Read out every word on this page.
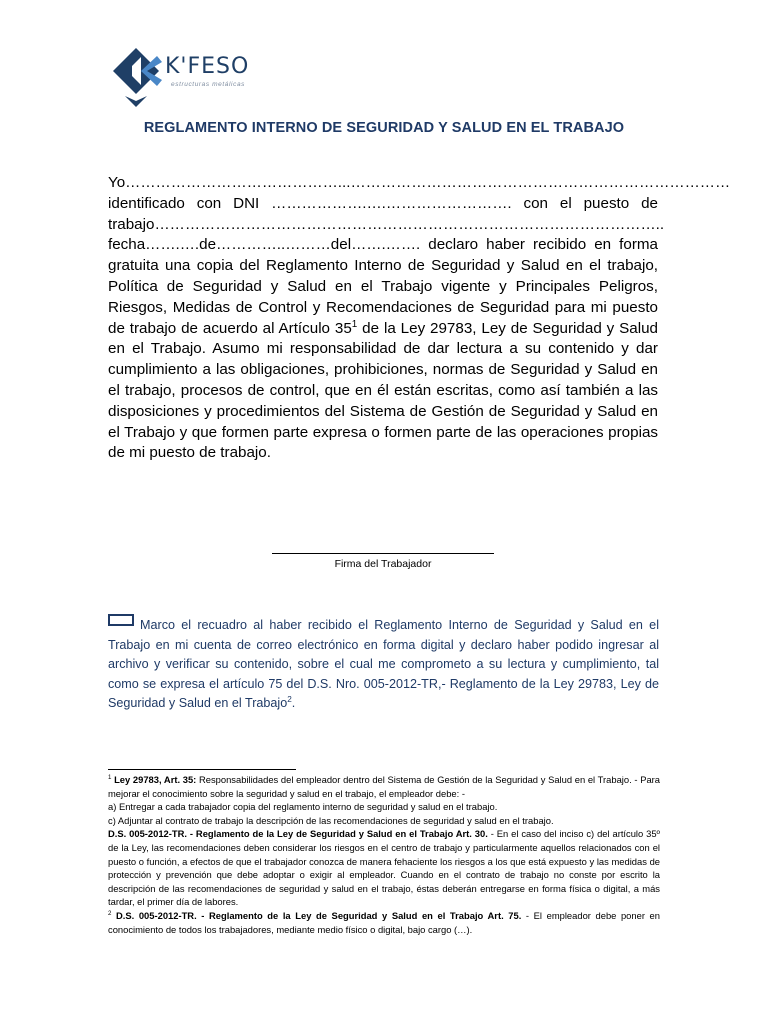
K'FESO
estructuras metálicas
REGLAMENTO INTERNO DE SEGURIDAD Y SALUD EN EL TRABAJO

Yo……………………………………...………………………………………………………………… identificado con DNI ……………….….……………………. con el puesto de trabajo……………………………………………………………………………………….. fecha…….….de…………..………del…….……. declaro haber recibido en forma gratuita una copia del Reglamento Interno de Seguridad y Salud en el trabajo, Política de Seguridad y Salud en el Trabajo vigente y Principales Peligros, Riesgos, Medidas de Control y Recomendaciones de Seguridad para mi puesto de trabajo de acuerdo al Artículo $35^1$ de la Ley 29783, Ley de Seguridad y Salud en el Trabajo. Asumo mi responsabilidad de dar lectura a su contenido y dar cumplimiento a las obligaciones, prohibiciones, normas de Seguridad y Salud en el trabajo, procesos de control, que en él están escritas, como así también a las disposiciones y procedimientos del Sistema de Gestión de Seguridad y Salud en el Trabajo y que formen parte expresa o formen parte de las operaciones propias de mi puesto de trabajo.

Firma del Trabajador
Marco el recuadro al haber recibido el Reglamento Interno de Seguridad y Salud en el Trabajo en mi cuenta de correo electrónico en forma digital y declaro haber podido ingresar al archivo y verificar su contenido, sobre el cual me comprometo a su lectura y cumplimiento, tal como se expresa el artículo 75 del D.S. Nro. 005-2012-TR,- Reglamento de la Ley 29783, Ley de Seguridad y Salud en el Trabajo$^2$.

$^1$ Ley 29783, Art. 35: Responsabilidades del empleador dentro del Sistema de Gestión de la Seguridad y Salud en el Trabajo. - Para mejorar el conocimiento sobre la seguridad y salud en el trabajo, el empleador debe: -

a) Entregar a cada trabajador copia del reglamento interno de seguridad y salud en el trabajo.

c) Adjuntar al contrato de trabajo la descripción de las recomendaciones de seguridad y salud en el trabajo.

D.S. 005-2012-TR. - Reglamento de la Ley de Seguridad y Salud en el Trabajo Art. 30. - En el caso del inciso c) del artículo 35º de la Ley, las recomendaciones deben considerar los riesgos en el centro de trabajo y particularmente aquellos relacionados con el puesto o función, a efectos de que el trabajador conozca de manera fehaciente los riesgos a los que está expuesto y las medidas de protección y prevención que debe adoptar o exigir al empleador. Cuando en el contrato de trabajo no conste por escrito la descripción de las recomendaciones de seguridad y salud en el trabajo, éstas deberán entregarse en forma física o digital, a más tardar, el primer día de labores.

$^2$ D.S. 005-2012-TR. - Reglamento de la Ley de Seguridad y Salud en el Trabajo Art. 75. - El empleador debe poner en conocimiento de todos los trabajadores, mediante medio físico o digital, bajo cargo (…).
